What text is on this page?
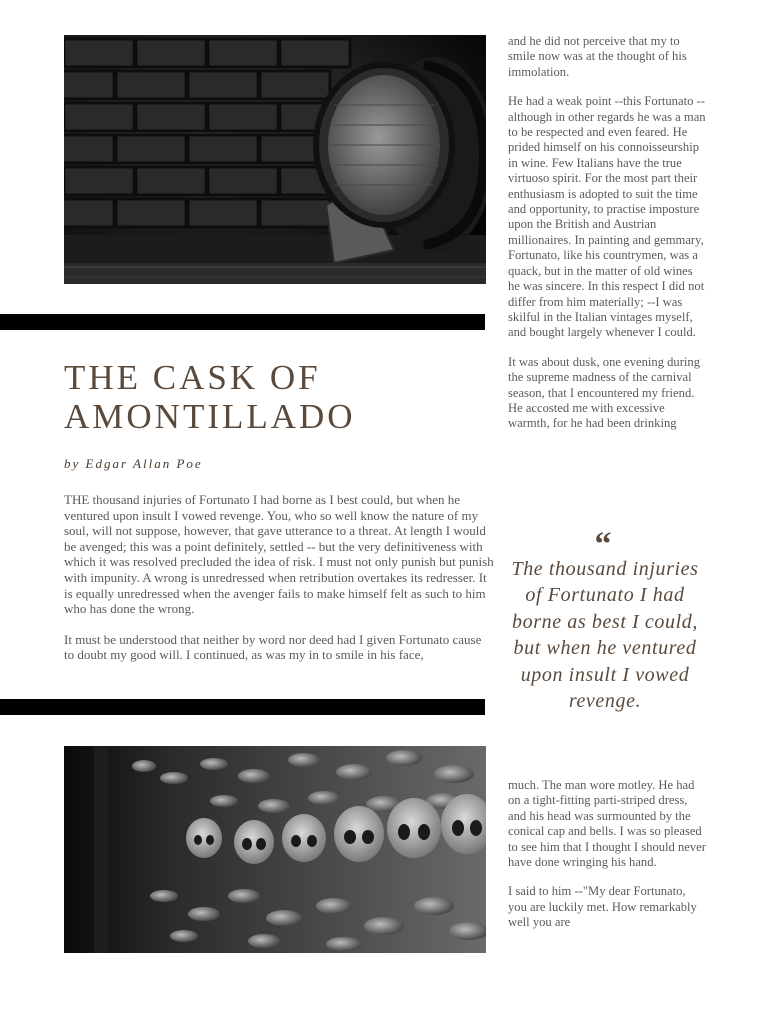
THE CASK OF
AMONTILLADO
by Edgar Allan Poe

THE thousand injuries of Fortunato I had borne as I best could, but when he ventured upon insult I vowed revenge. You, who so well know the nature of my soul, will not suppose, however, that gave utterance to a threat. At length I would be avenged; this was a point definitely, settled -- but the very definitiveness with which it was resolved precluded the idea of risk. I must not only punish but punish with impunity. A wrong is unredressed when retribution overtakes its redresser. It is equally unredressed when the avenger fails to make himself felt as such to him who has done the wrong.

It must be understood that neither by word nor deed had I given Fortunato cause to doubt my good will. I continued, as was my in to smile in his face,

and he did not perceive that my to smile now was at the thought of his immolation.

He had a weak point --this Fortunato --although in other regards he was a man to be respected and even feared. He prided himself on his connoisseurship in wine. Few Italians have the true virtuoso spirit. For the most part their enthusiasm is adopted to suit the time and opportunity, to practise imposture upon the British and Austrian millionaires. In painting and gemmary, Fortunato, like his countrymen, was a quack, but in the matter of old wines he was sincere. In this respect I did not differ from him materially; --I was skilful in the Italian vintages myself, and bought largely whenever I could.

It was about dusk, one evening during the supreme madness of the carnival season, that I encountered my friend. He accosted me with excessive warmth, for he had been drinking

“
The thousand injuries of Fortunato I had borne as best I could, but when he ventured upon insult I vowed revenge.

much. The man wore motley. He had on a tight-fitting parti-striped dress, and his head was surmounted by the conical cap and bells. I was so pleased to see him that I thought I should never have done wringing his hand.

I said to him --"My dear Fortunato, you are luckily met. How remarkably well you are
